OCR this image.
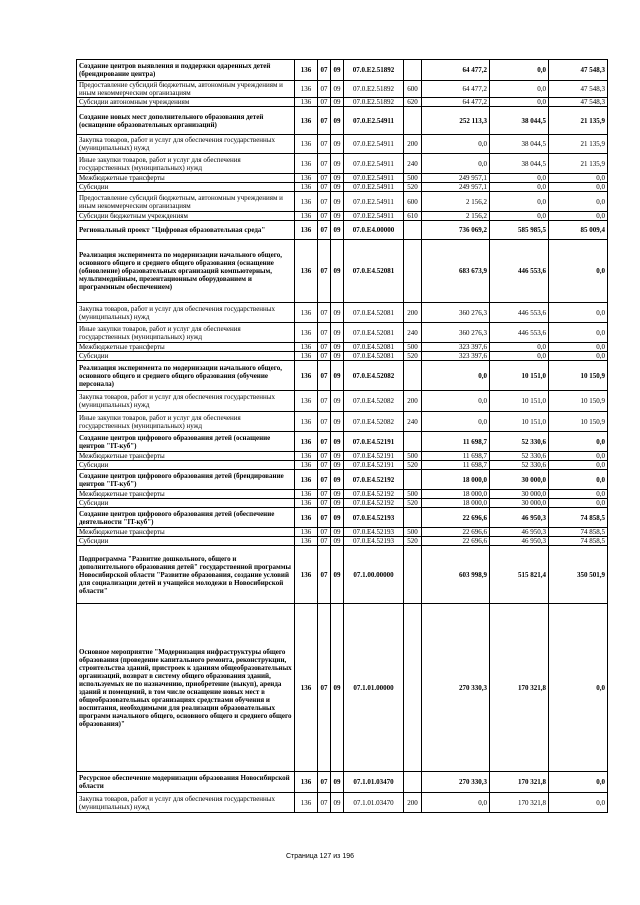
Создание центров выявления и поддержки одаренных детей (брендирование центра)	136	07	09	07.0.E2.51892		64 477,2	0,0	47 548,3
Предоставление субсидий бюджетным, автономным учреждениям и иным некоммерческим организациям	136	07	09	07.0.E2.51892	600	64 477,2	0,0	47 548,3
Субсидии автономным учреждениям	136	07	09	07.0.E2.51892	620	64 477,2	0,0	47 548,3
Создание новых мест дополнительного образования детей (оснащение образовательных организаций)	136	07	09	07.0.E2.54911		252 113,3	38 044,5	21 135,9
Закупка товаров, работ и услуг для обеспечения государственных (муниципальных) нужд	136	07	09	07.0.E2.54911	200	0,0	38 044,5	21 135,9
Иные закупки товаров, работ и услуг для обеспечения государственных (муниципальных) нужд	136	07	09	07.0.E2.54911	240	0,0	38 044,5	21 135,9
Межбюджетные трансферты	136	07	09	07.0.E2.54911	500	249 957,1	0,0	0,0
Субсидии	136	07	09	07.0.E2.54911	520	249 957,1	0,0	0,0
Предоставление субсидий бюджетным, автономным учреждениям и иным некоммерческим организациям	136	07	09	07.0.E2.54911	600	2 156,2	0,0	0,0
Субсидии бюджетным учреждениям	136	07	09	07.0.E2.54911	610	2 156,2	0,0	0,0
Региональный проект "Цифровая образовательная среда"	136	07	09	07.0.E4.00000		736 069,2	585 985,5	85 009,4
Реализация эксперимента по модернизации начального общего, основного общего и среднего общего образования (оснащение (обновление) образовательных организаций компьютерным, мультимедийным, презентационным оборудованием и программным обеспечением)	136	07	09	07.0.E4.52081		683 673,9	446 553,6	0,0
Закупка товаров, работ и услуг для обеспечения государственных (муниципальных) нужд	136	07	09	07.0.E4.52081	200	360 276,3	446 553,6	0,0
Иные закупки товаров, работ и услуг для обеспечения государственных (муниципальных) нужд	136	07	09	07.0.E4.52081	240	360 276,3	446 553,6	0,0
Межбюджетные трансферты	136	07	09	07.0.E4.52081	500	323 397,6	0,0	0,0
Субсидии	136	07	09	07.0.E4.52081	520	323 397,6	0,0	0,0
Реализация эксперимента по модернизации начального общего, основного общего и среднего общего образования (обучение персонала)	136	07	09	07.0.E4.52082		0,0	10 151,0	10 150,9
Закупка товаров, работ и услуг для обеспечения государственных (муниципальных) нужд	136	07	09	07.0.E4.52082	200	0,0	10 151,0	10 150,9
Иные закупки товаров, работ и услуг для обеспечения государственных (муниципальных) нужд	136	07	09	07.0.E4.52082	240	0,0	10 151,0	10 150,9
Создание центров цифрового образования детей (оснащение центров "IT-куб")	136	07	09	07.0.E4.52191		11 698,7	52 330,6	0,0
Межбюджетные трансферты	136	07	09	07.0.E4.52191	500	11 698,7	52 330,6	0,0
Субсидии	136	07	09	07.0.E4.52191	520	11 698,7	52 330,6	0,0
Создание центров цифрового образования детей (брендирование центров "IT-куб")	136	07	09	07.0.E4.52192		18 000,0	30 000,0	0,0
Межбюджетные трансферты	136	07	09	07.0.E4.52192	500	18 000,0	30 000,0	0,0
Субсидии	136	07	09	07.0.E4.52192	520	18 000,0	30 000,0	0,0
Создание центров цифрового образования детей (обеспечение деятельности "IT-куб")	136	07	09	07.0.E4.52193		22 696,6	46 950,3	74 858,5
Межбюджетные трансферты	136	07	09	07.0.E4.52193	500	22 696,6	46 950,3	74 858,5
Субсидии	136	07	09	07.0.E4.52193	520	22 696,6	46 950,3	74 858,5
Подпрограмма "Развитие дошкольного, общего и дополнительного образования детей" государственной программы Новосибирской области "Развитие образования, создание условий для социализации детей и учащейся молодежи в Новосибирской области"	136	07	09	07.1.00.00000		603 998,9	515 821,4	350 501,9
Основное мероприятие "Модернизация инфраструктуры общего образования (проведение капитального ремонта, реконструкции, строительства зданий, пристроек к зданиям общеобразовательных организаций, возврат в систему общего образования зданий, используемых не по назначению, приобретение (выкуп), аренда зданий и помещений, в том числе оснащение новых мест в общеобразовательных организациях средствами обучения и воспитания, необходимыми для реализации образовательных программ начального общего, основного общего и среднего общего образования)"	136	07	09	07.1.01.00000		270 330,3	170 321,8	0,0
Ресурсное обеспечение модернизации образования Новосибирской области	136	07	09	07.1.01.03470		270 330,3	170 321,8	0,0
Закупка товаров, работ и услуг для обеспечения государственных (муниципальных) нужд	136	07	09	07.1.01.03470	200	0,0	170 321,8	0,0
Страница 127 из 196
